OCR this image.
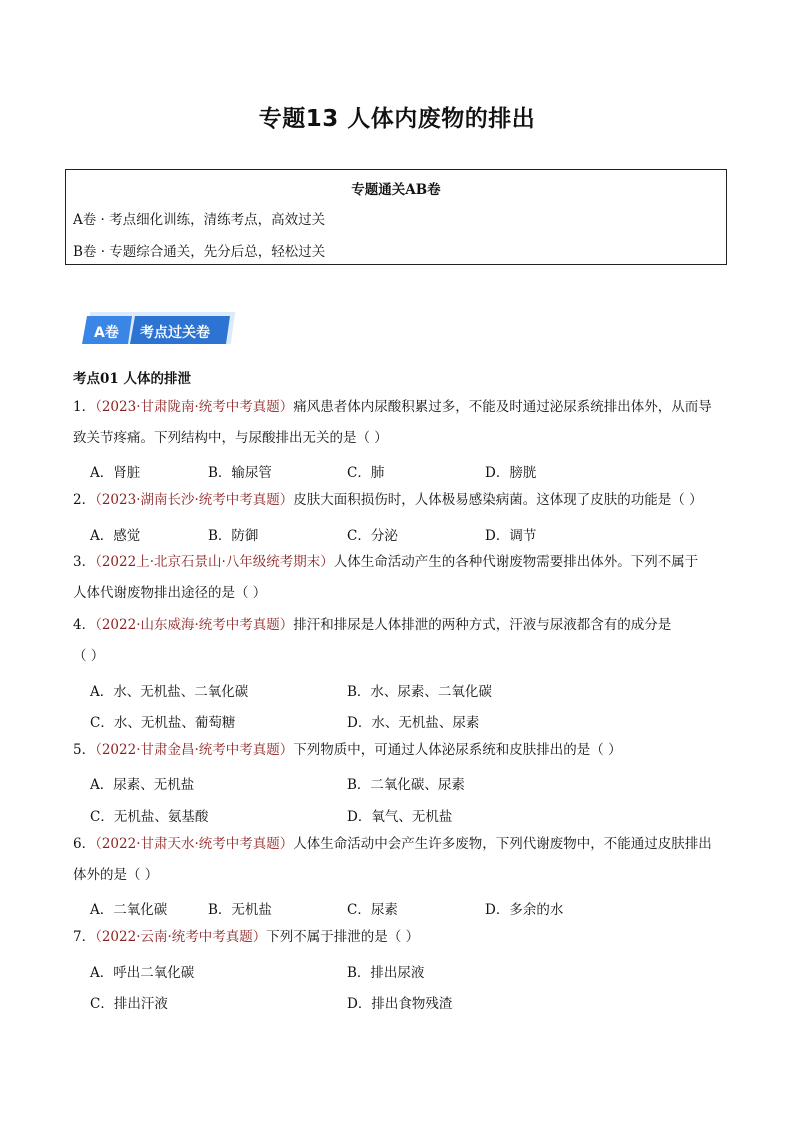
专题13 人体内废物的排出
专题通关AB卷
A卷 · 考点细化训练，清练考点，高效过关
B卷 · 专题综合通关，先分后总，轻松过关
A卷 考点过关卷
考点01 人体的排泄
1．（2023·甘肃陇南·统考中考真题）痛风患者体内尿酸积累过多，不能及时通过泌尿系统排出体外，从而导
致关节疼痛。下列结构中，与尿酸排出无关的是（ ）
A．肾脏	B．输尿管	C．肺	D．膀胱
2．（2023·湖南长沙·统考中考真题）皮肤大面积损伤时，人体极易感染病菌。这体现了皮肤的功能是（ ）
A．感觉	B．防御	C．分泌	D．调节
3．（2022上·北京石景山·八年级统考期末）人体生命活动产生的各种代谢废物需要排出体外。下列不属于
人体代谢废物排出途径的是（ ）
4．（2022·山东威海·统考中考真题）排汗和排尿是人体排泄的两种方式，汗液与尿液都含有的成分是
（ ）
A．水、无机盐、二氧化碳	B．水、尿素、二氧化碳
C．水、无机盐、葡萄糖	D．水、无机盐、尿素
5．（2022·甘肃金昌·统考中考真题）下列物质中，可通过人体泌尿系统和皮肤排出的是（ ）
A．尿素、无机盐	B．二氧化碳、尿素
C．无机盐、氨基酸	D．氧气、无机盐
6．（2022·甘肃天水·统考中考真题）人体生命活动中会产生许多废物，下列代谢废物中，不能通过皮肤排出
体外的是（ ）
A．二氧化碳	B．无机盐	C．尿素	D．多余的水
7．（2022·云南·统考中考真题）下列不属于排泄的是（ ）
A．呼出二氧化碳	B．排出尿液
C．排出汗液	D．排出食物残渣
